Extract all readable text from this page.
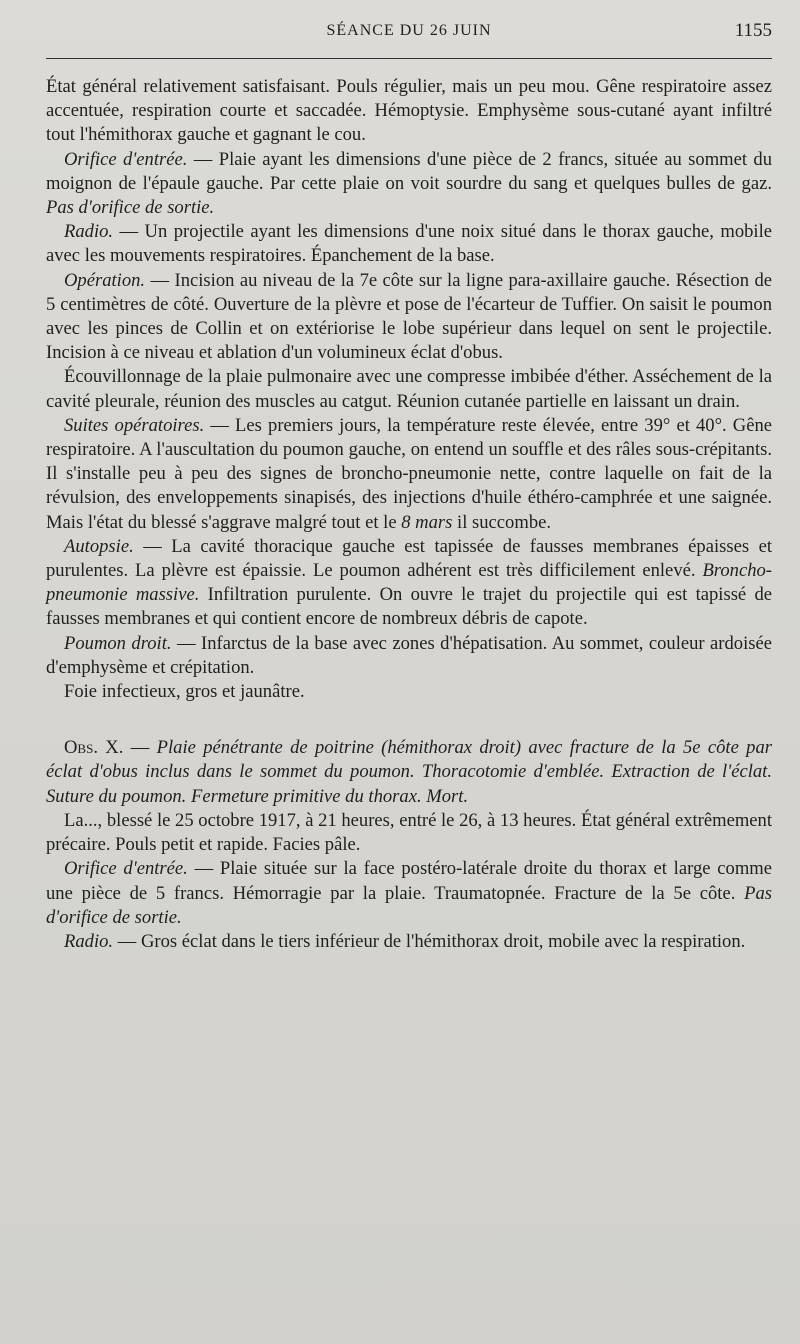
SÉANCE DU 26 JUIN	1155

État général relativement satisfaisant. Pouls régulier, mais un peu mou. Gêne respiratoire assez accentuée, respiration courte et saccadée. Hémoptysie. Emphysème sous-cutané ayant infiltré tout l'hémithorax gauche et gagnant le cou.

Orifice d'entrée. — Plaie ayant les dimensions d'une pièce de 2 francs, située au sommet du moignon de l'épaule gauche. Par cette plaie on voit sourdre du sang et quelques bulles de gaz. Pas d'orifice de sortie.

Radio. — Un projectile ayant les dimensions d'une noix situé dans le thorax gauche, mobile avec les mouvements respiratoires. Épanchement de la base.

Opération. — Incision au niveau de la 7e côte sur la ligne para-axillaire gauche. Résection de 5 centimètres de côté. Ouverture de la plèvre et pose de l'écarteur de Tuffier. On saisit le poumon avec les pinces de Collin et on extériorise le lobe supérieur dans lequel on sent le projectile. Incision à ce niveau et ablation d'un volumineux éclat d'obus.

Écouvillonnage de la plaie pulmonaire avec une compresse imbibée d'éther. Asséchement de la cavité pleurale, réunion des muscles au catgut. Réunion cutanée partielle en laissant un drain.

Suites opératoires. — Les premiers jours, la température reste élevée, entre 39° et 40°. Gêne respiratoire. A l'auscultation du poumon gauche, on entend un souffle et des râles sous-crépitants. Il s'installe peu à peu des signes de broncho-pneumonie nette, contre laquelle on fait de la révulsion, des enveloppements sinapisés, des injections d'huile éthéro-camphrée et une saignée. Mais l'état du blessé s'aggrave malgré tout et le 8 mars il succombe.

Autopsie. — La cavité thoracique gauche est tapissée de fausses membranes épaisses et purulentes. La plèvre est épaissie. Le poumon adhérent est très difficilement enlevé. Broncho-pneumonie massive. Infiltration purulente. On ouvre le trajet du projectile qui est tapissé de fausses membranes et qui contient encore de nombreux débris de capote.

Poumon droit. — Infarctus de la base avec zones d'hépatisation. Au sommet, couleur ardoisée d'emphysème et crépitation.

Foie infectieux, gros et jaunâtre.

Obs. X. — Plaie pénétrante de poitrine (hémithorax droit) avec fracture de la 5e côte par éclat d'obus inclus dans le sommet du poumon. Thoracotomie d'emblée. Extraction de l'éclat. Suture du poumon. Fermeture primitive du thorax. Mort.

La..., blessé le 25 octobre 1917, à 21 heures, entré le 26, à 13 heures. État général extrêmement précaire. Pouls petit et rapide. Facies pâle.

Orifice d'entrée. — Plaie située sur la face postéro-latérale droite du thorax et large comme une pièce de 5 francs. Hémorragie par la plaie. Traumatopnée. Fracture de la 5e côte. Pas d'orifice de sortie.

Radio. — Gros éclat dans le tiers inférieur de l'hémithorax droit, mobile avec la respiration.
